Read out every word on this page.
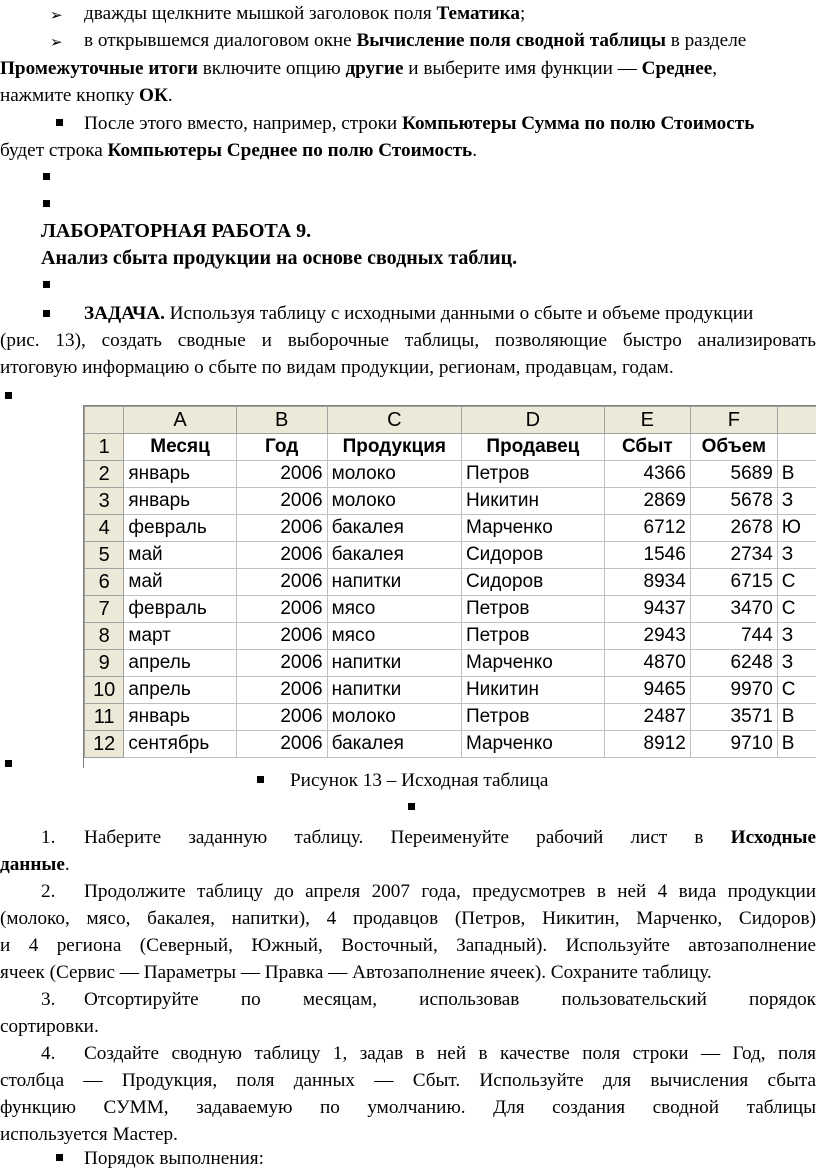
➢ дважды щелкните мышкой заголовок поля Тематика;
➢ в открывшемся диалоговом окне Вычисление поля сводной таблицы в разделе
Промежуточные итоги включите опцию другие и выберите имя функции — Среднее,
нажмите кнопку ОК.
После этого вместо, например, строки Компьютеры Сумма по полю Стоимость
будет строка Компьютеры Среднее по полю Стоимость.
ЛАБОРАТОРНАЯ РАБОТА 9.
Анализ сбыта продукции на основе сводных таблиц.
ЗАДАЧА. Используя таблицу с исходными данными о сбыте и объеме продукции
(рис. 13), создать сводные и выборочные таблицы, позволяющие быстро анализировать
итоговую информацию о сбыте по видам продукции, регионам, продавцам, годам.
	A	B	C	D	E	F	
1	Месяц	Год	Продукция	Продавец	Сбыт	Объем	
2	январь	2006	молоко	Петров	4366	5689	В
3	январь	2006	молоко	Никитин	2869	5678	З
4	февраль	2006	бакалея	Марченко	6712	2678	Ю
5	май	2006	бакалея	Сидоров	1546	2734	З
6	май	2006	напитки	Сидоров	8934	6715	С
7	февраль	2006	мясо	Петров	9437	3470	С
8	март	2006	мясо	Петров	2943	744	З
9	апрель	2006	напитки	Марченко	4870	6248	З
10	апрель	2006	напитки	Никитин	9465	9970	С
11	январь	2006	молоко	Петров	2487	3571	В
12	сентябрь	2006	бакалея	Марченко	8912	9710	В
Рисунок 13 – Исходная таблица
1.	Наберите заданную таблицу. Переименуйте рабочий лист в Исходные
данные.
2.	Продолжите таблицу до апреля 2007 года, предусмотрев в ней 4 вида продукции
(молоко, мясо, бакалея, напитки), 4 продавцов (Петров, Никитин, Марченко, Сидоров)
и 4 региона (Северный, Южный, Восточный, Западный). Используйте автозаполнение
ячеек (Сервис — Параметры — Правка — Автозаполнение ячеек). Сохраните таблицу.
3.	Отсортируйте по месяцам, использовав пользовательский порядок
сортировки.
4.	Создайте сводную таблицу 1, задав в ней в качестве поля строки — Год, поля
столбца — Продукция, поля данных — Сбыт. Используйте для вычисления сбыта
функцию СУММ, задаваемую по умолчанию. Для создания сводной таблицы
используется Мастер.
Порядок выполнения:
